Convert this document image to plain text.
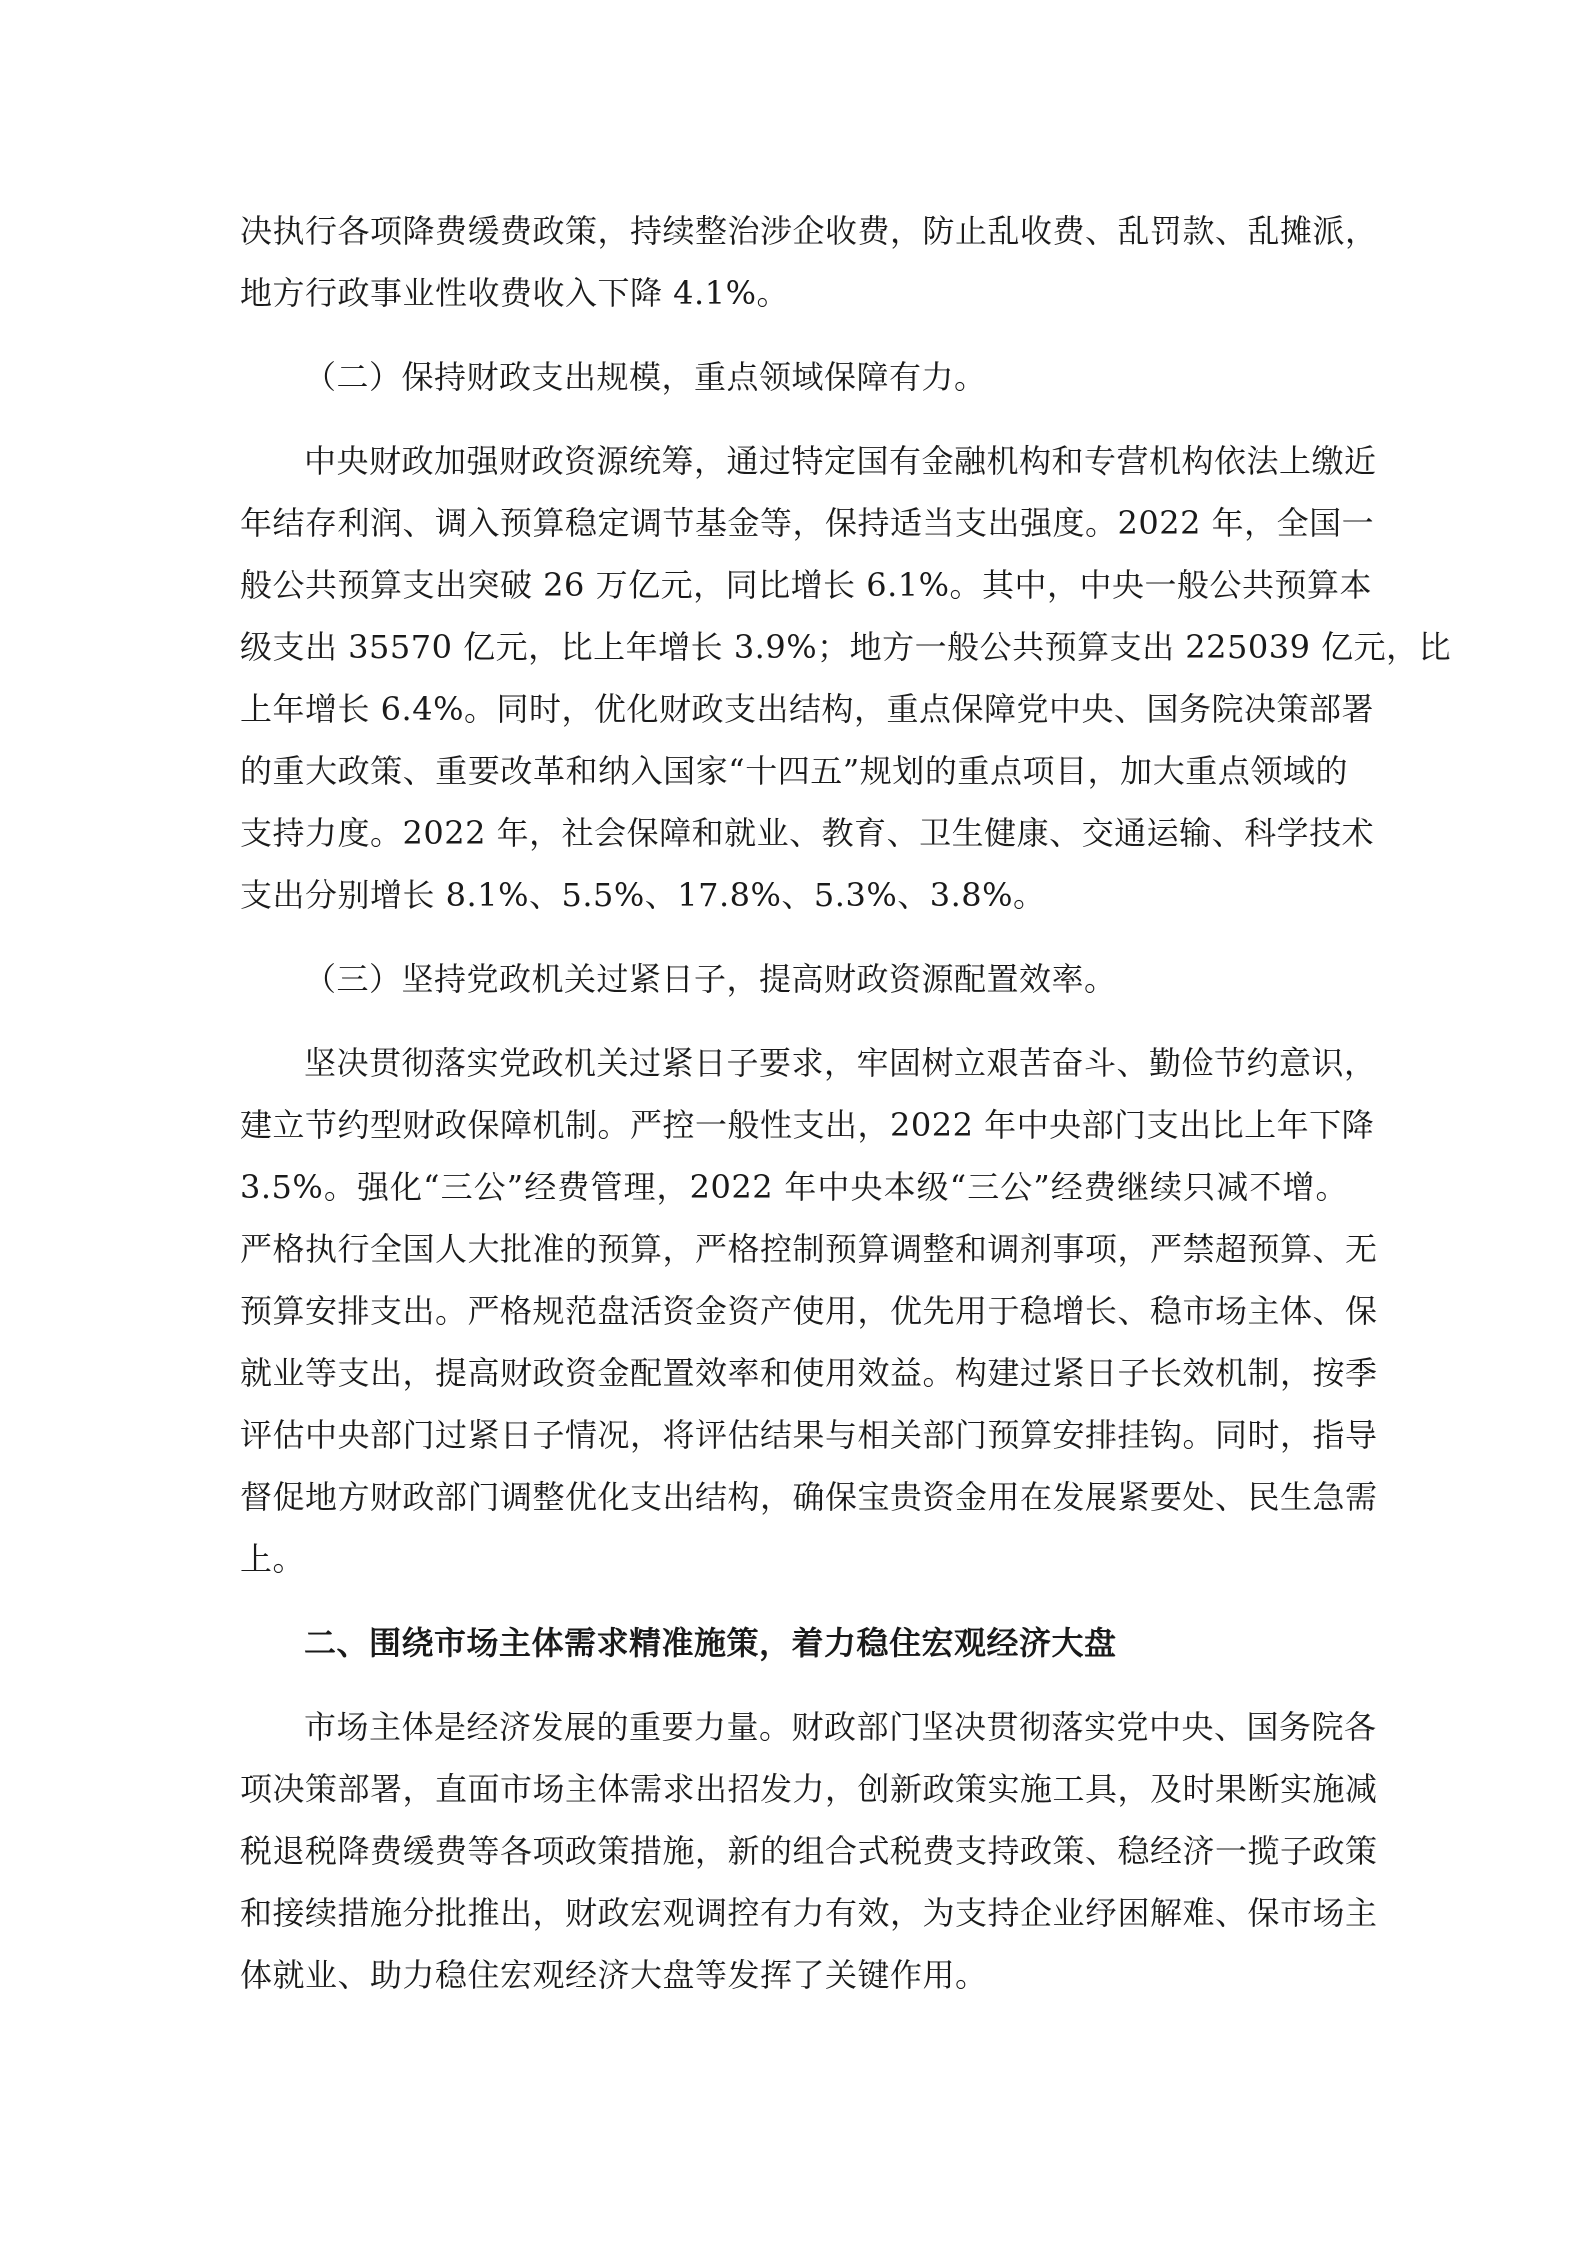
决执行各项降费缓费政策，持续整治涉企收费，防止乱收费、乱罚款、乱摊派，
地方行政事业性收费收入下降 4.1%。
（二）保持财政支出规模，重点领域保障有力。
中央财政加强财政资源统筹，通过特定国有金融机构和专营机构依法上缴近
年结存利润、调入预算稳定调节基金等，保持适当支出强度。2022 年，全国一
般公共预算支出突破 26 万亿元，同比增长 6.1%。其中，中央一般公共预算本
级支出 35570 亿元，比上年增长 3.9%；地方一般公共预算支出 225039 亿元，比
上年增长 6.4%。同时，优化财政支出结构，重点保障党中央、国务院决策部署
的重大政策、重要改革和纳入国家“十四五”规划的重点项目，加大重点领域的
支持力度。2022 年，社会保障和就业、教育、卫生健康、交通运输、科学技术
支出分别增长 8.1%、5.5%、17.8%、5.3%、3.8%。
（三）坚持党政机关过紧日子，提高财政资源配置效率。
坚决贯彻落实党政机关过紧日子要求，牢固树立艰苦奋斗、勤俭节约意识，
建立节约型财政保障机制。严控一般性支出，2022 年中央部门支出比上年下降
3.5%。强化“三公”经费管理，2022 年中央本级“三公”经费继续只减不增。
严格执行全国人大批准的预算，严格控制预算调整和调剂事项，严禁超预算、无
预算安排支出。严格规范盘活资金资产使用，优先用于稳增长、稳市场主体、保
就业等支出，提高财政资金配置效率和使用效益。构建过紧日子长效机制，按季
评估中央部门过紧日子情况，将评估结果与相关部门预算安排挂钩。同时，指导
督促地方财政部门调整优化支出结构，确保宝贵资金用在发展紧要处、民生急需
上。
二、围绕市场主体需求精准施策，着力稳住宏观经济大盘
市场主体是经济发展的重要力量。财政部门坚决贯彻落实党中央、国务院各
项决策部署，直面市场主体需求出招发力，创新政策实施工具，及时果断实施减
税退税降费缓费等各项政策措施，新的组合式税费支持政策、稳经济一揽子政策
和接续措施分批推出，财政宏观调控有力有效，为支持企业纾困解难、保市场主
体就业、助力稳住宏观经济大盘等发挥了关键作用。
